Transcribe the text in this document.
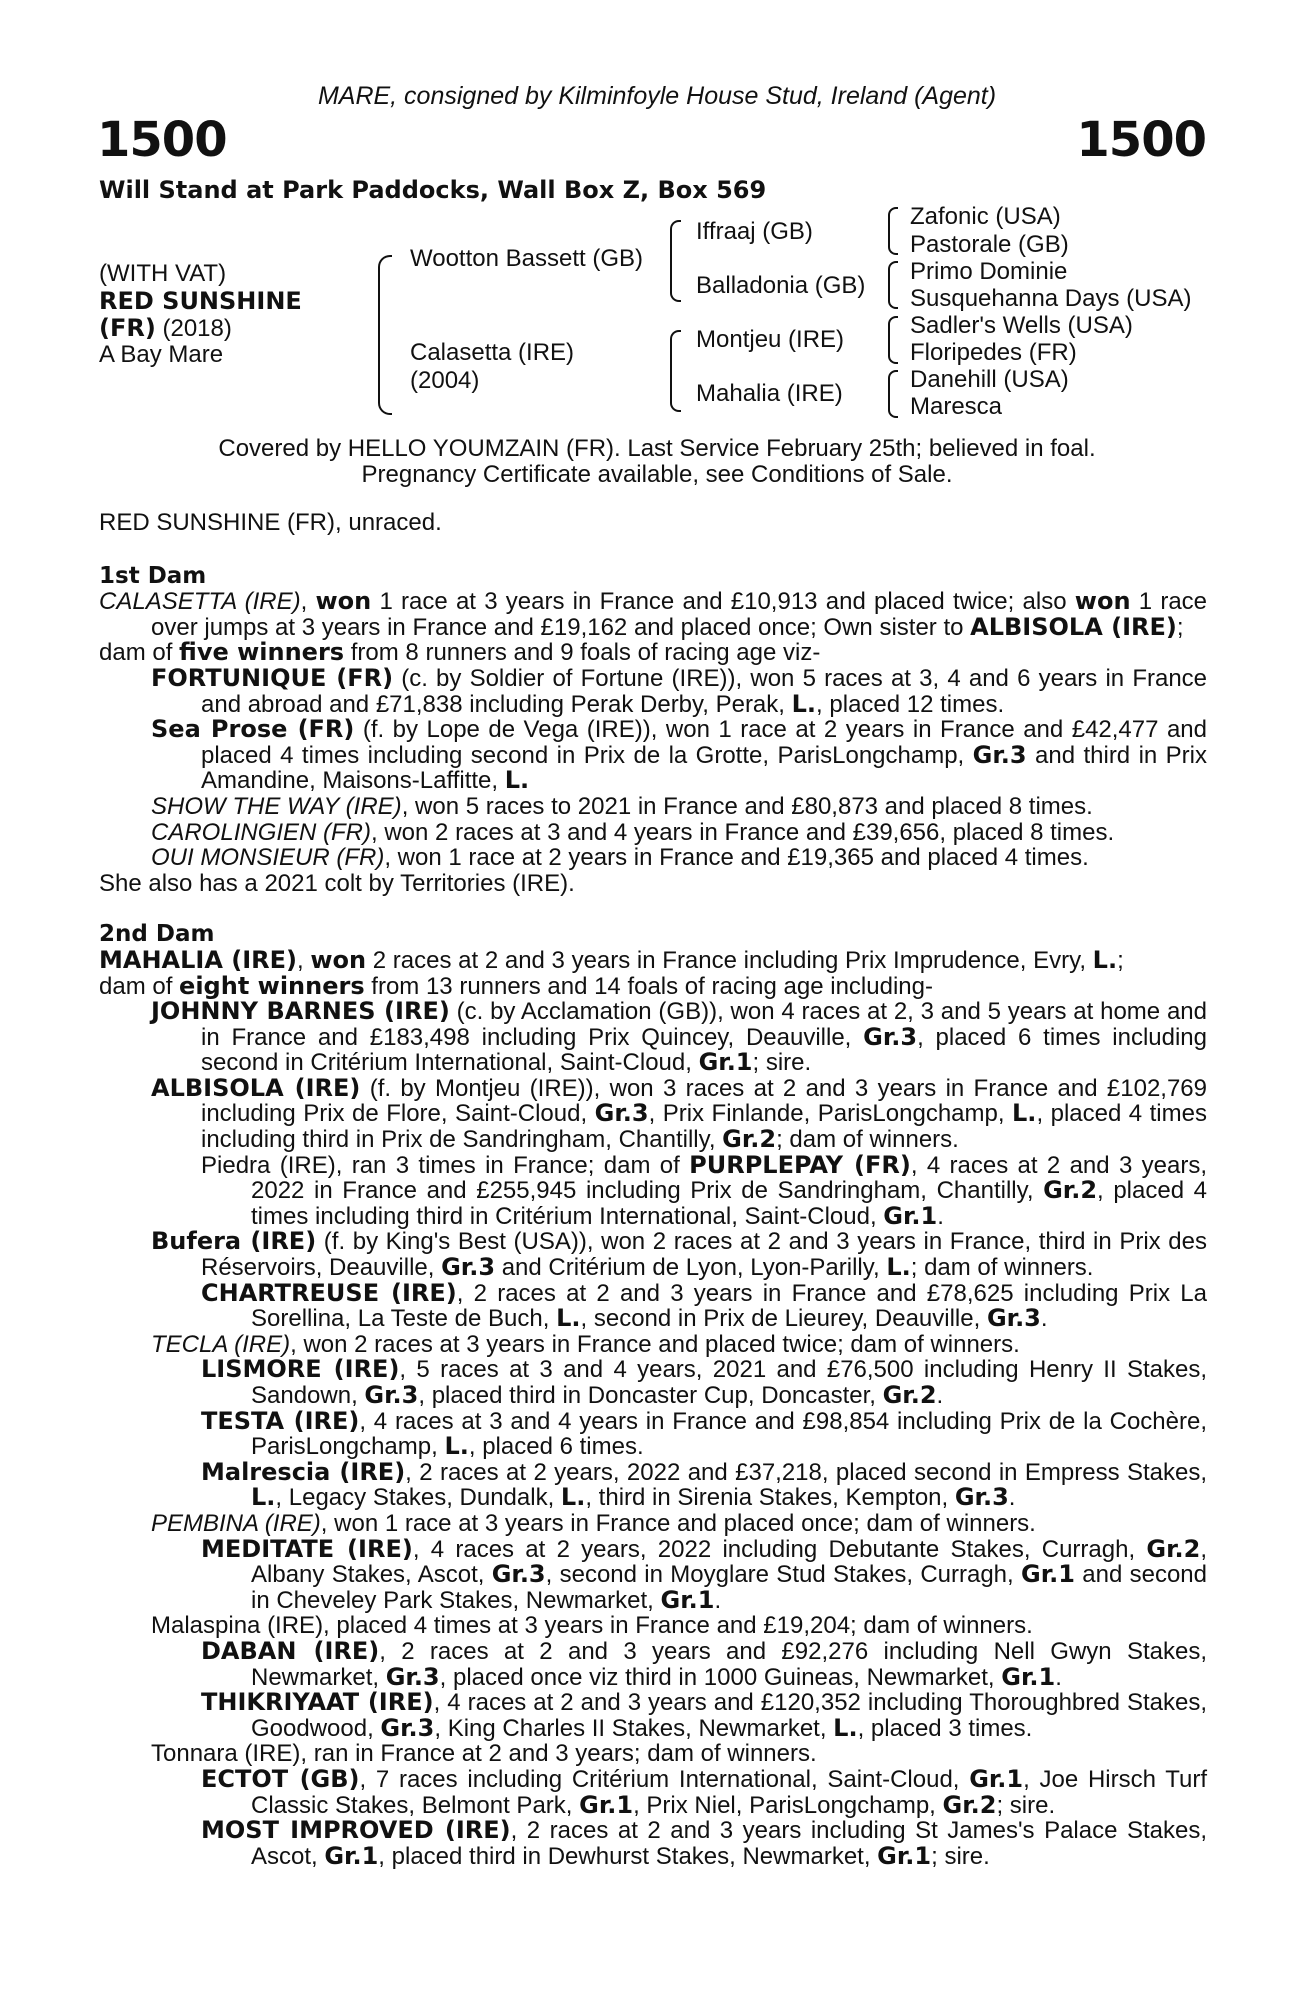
MARE, consigned by Kilminfoyle House Stud, Ireland (Agent)
1500	1500
Will Stand at Park Paddocks, Wall Box Z, Box 569
(WITH VAT)
RED SUNSHINE
(FR) (2018)
A Bay Mare
Wootton Bassett (GB)
Calasetta (IRE)
(2004)
Iffraaj (GB)
Balladonia (GB)
Montjeu (IRE)
Mahalia (IRE)
Zafonic (USA)
Pastorale (GB)
Primo Dominie
Susquehanna Days (USA)
Sadler's Wells (USA)
Floripedes (FR)
Danehill (USA)
Maresca
Covered by HELLO YOUMZAIN (FR). Last Service February 25th; believed in foal.
Pregnancy Certificate available, see Conditions of Sale.

RED SUNSHINE (FR), unraced.

1st Dam

CALASETTA (IRE), won 1 race at 3 years in France and £10,913 and placed twice; also won 1 race over jumps at 3 years in France and £19,162 and placed once; Own sister to ALBISOLA (IRE);

dam of five winners from 8 runners and 9 foals of racing age viz-

FORTUNIQUE (FR) (c. by Soldier of Fortune (IRE)), won 5 races at 3, 4 and 6 years in France and abroad and £71,838 including Perak Derby, Perak, L., placed 12 times.

Sea Prose (FR) (f. by Lope de Vega (IRE)), won 1 race at 2 years in France and £42,477 and placed 4 times including second in Prix de la Grotte, ParisLongchamp, Gr.3 and third in Prix Amandine, Maisons-Laffitte, L.

SHOW THE WAY (IRE), won 5 races to 2021 in France and £80,873 and placed 8 times.

CAROLINGIEN (FR), won 2 races at 3 and 4 years in France and £39,656, placed 8 times.

OUI MONSIEUR (FR), won 1 race at 2 years in France and £19,365 and placed 4 times.

She also has a 2021 colt by Territories (IRE).

2nd Dam

MAHALIA (IRE), won 2 races at 2 and 3 years in France including Prix Imprudence, Evry, L.;

dam of eight winners from 13 runners and 14 foals of racing age including-

JOHNNY BARNES (IRE) (c. by Acclamation (GB)), won 4 races at 2, 3 and 5 years at home and in France and £183,498 including Prix Quincey, Deauville, Gr.3, placed 6 times including second in Critérium International, Saint-Cloud, Gr.1; sire.

ALBISOLA (IRE) (f. by Montjeu (IRE)), won 3 races at 2 and 3 years in France and £102,769 including Prix de Flore, Saint-Cloud, Gr.3, Prix Finlande, ParisLongchamp, L., placed 4 times including third in Prix de Sandringham, Chantilly, Gr.2; dam of winners.

Piedra (IRE), ran 3 times in France; dam of PURPLEPAY (FR), 4 races at 2 and 3 years, 2022 in France and £255,945 including Prix de Sandringham, Chantilly, Gr.2, placed 4 times including third in Critérium International, Saint-Cloud, Gr.1.

Bufera (IRE) (f. by King's Best (USA)), won 2 races at 2 and 3 years in France, third in Prix des Réservoirs, Deauville, Gr.3 and Critérium de Lyon, Lyon-Parilly, L.; dam of winners.

CHARTREUSE (IRE), 2 races at 2 and 3 years in France and £78,625 including Prix La Sorellina, La Teste de Buch, L., second in Prix de Lieurey, Deauville, Gr.3.

TECLA (IRE), won 2 races at 3 years in France and placed twice; dam of winners.

LISMORE (IRE), 5 races at 3 and 4 years, 2021 and £76,500 including Henry II Stakes, Sandown, Gr.3, placed third in Doncaster Cup, Doncaster, Gr.2.

TESTA (IRE), 4 races at 3 and 4 years in France and £98,854 including Prix de la Cochère, ParisLongchamp, L., placed 6 times.

Malrescia (IRE), 2 races at 2 years, 2022 and £37,218, placed second in Empress Stakes, L., Legacy Stakes, Dundalk, L., third in Sirenia Stakes, Kempton, Gr.3.

PEMBINA (IRE), won 1 race at 3 years in France and placed once; dam of winners.

MEDITATE (IRE), 4 races at 2 years, 2022 including Debutante Stakes, Curragh, Gr.2, Albany Stakes, Ascot, Gr.3, second in Moyglare Stud Stakes, Curragh, Gr.1 and second in Cheveley Park Stakes, Newmarket, Gr.1.

Malaspina (IRE), placed 4 times at 3 years in France and £19,204; dam of winners.

DABAN (IRE), 2 races at 2 and 3 years and £92,276 including Nell Gwyn Stakes, Newmarket, Gr.3, placed once viz third in 1000 Guineas, Newmarket, Gr.1.

THIKRIYAAT (IRE), 4 races at 2 and 3 years and £120,352 including Thoroughbred Stakes, Goodwood, Gr.3, King Charles II Stakes, Newmarket, L., placed 3 times.

Tonnara (IRE), ran in France at 2 and 3 years; dam of winners.

ECTOT (GB), 7 races including Critérium International, Saint-Cloud, Gr.1, Joe Hirsch Turf Classic Stakes, Belmont Park, Gr.1, Prix Niel, ParisLongchamp, Gr.2; sire.

MOST IMPROVED (IRE), 2 races at 2 and 3 years including St James's Palace Stakes, Ascot, Gr.1, placed third in Dewhurst Stakes, Newmarket, Gr.1; sire.
